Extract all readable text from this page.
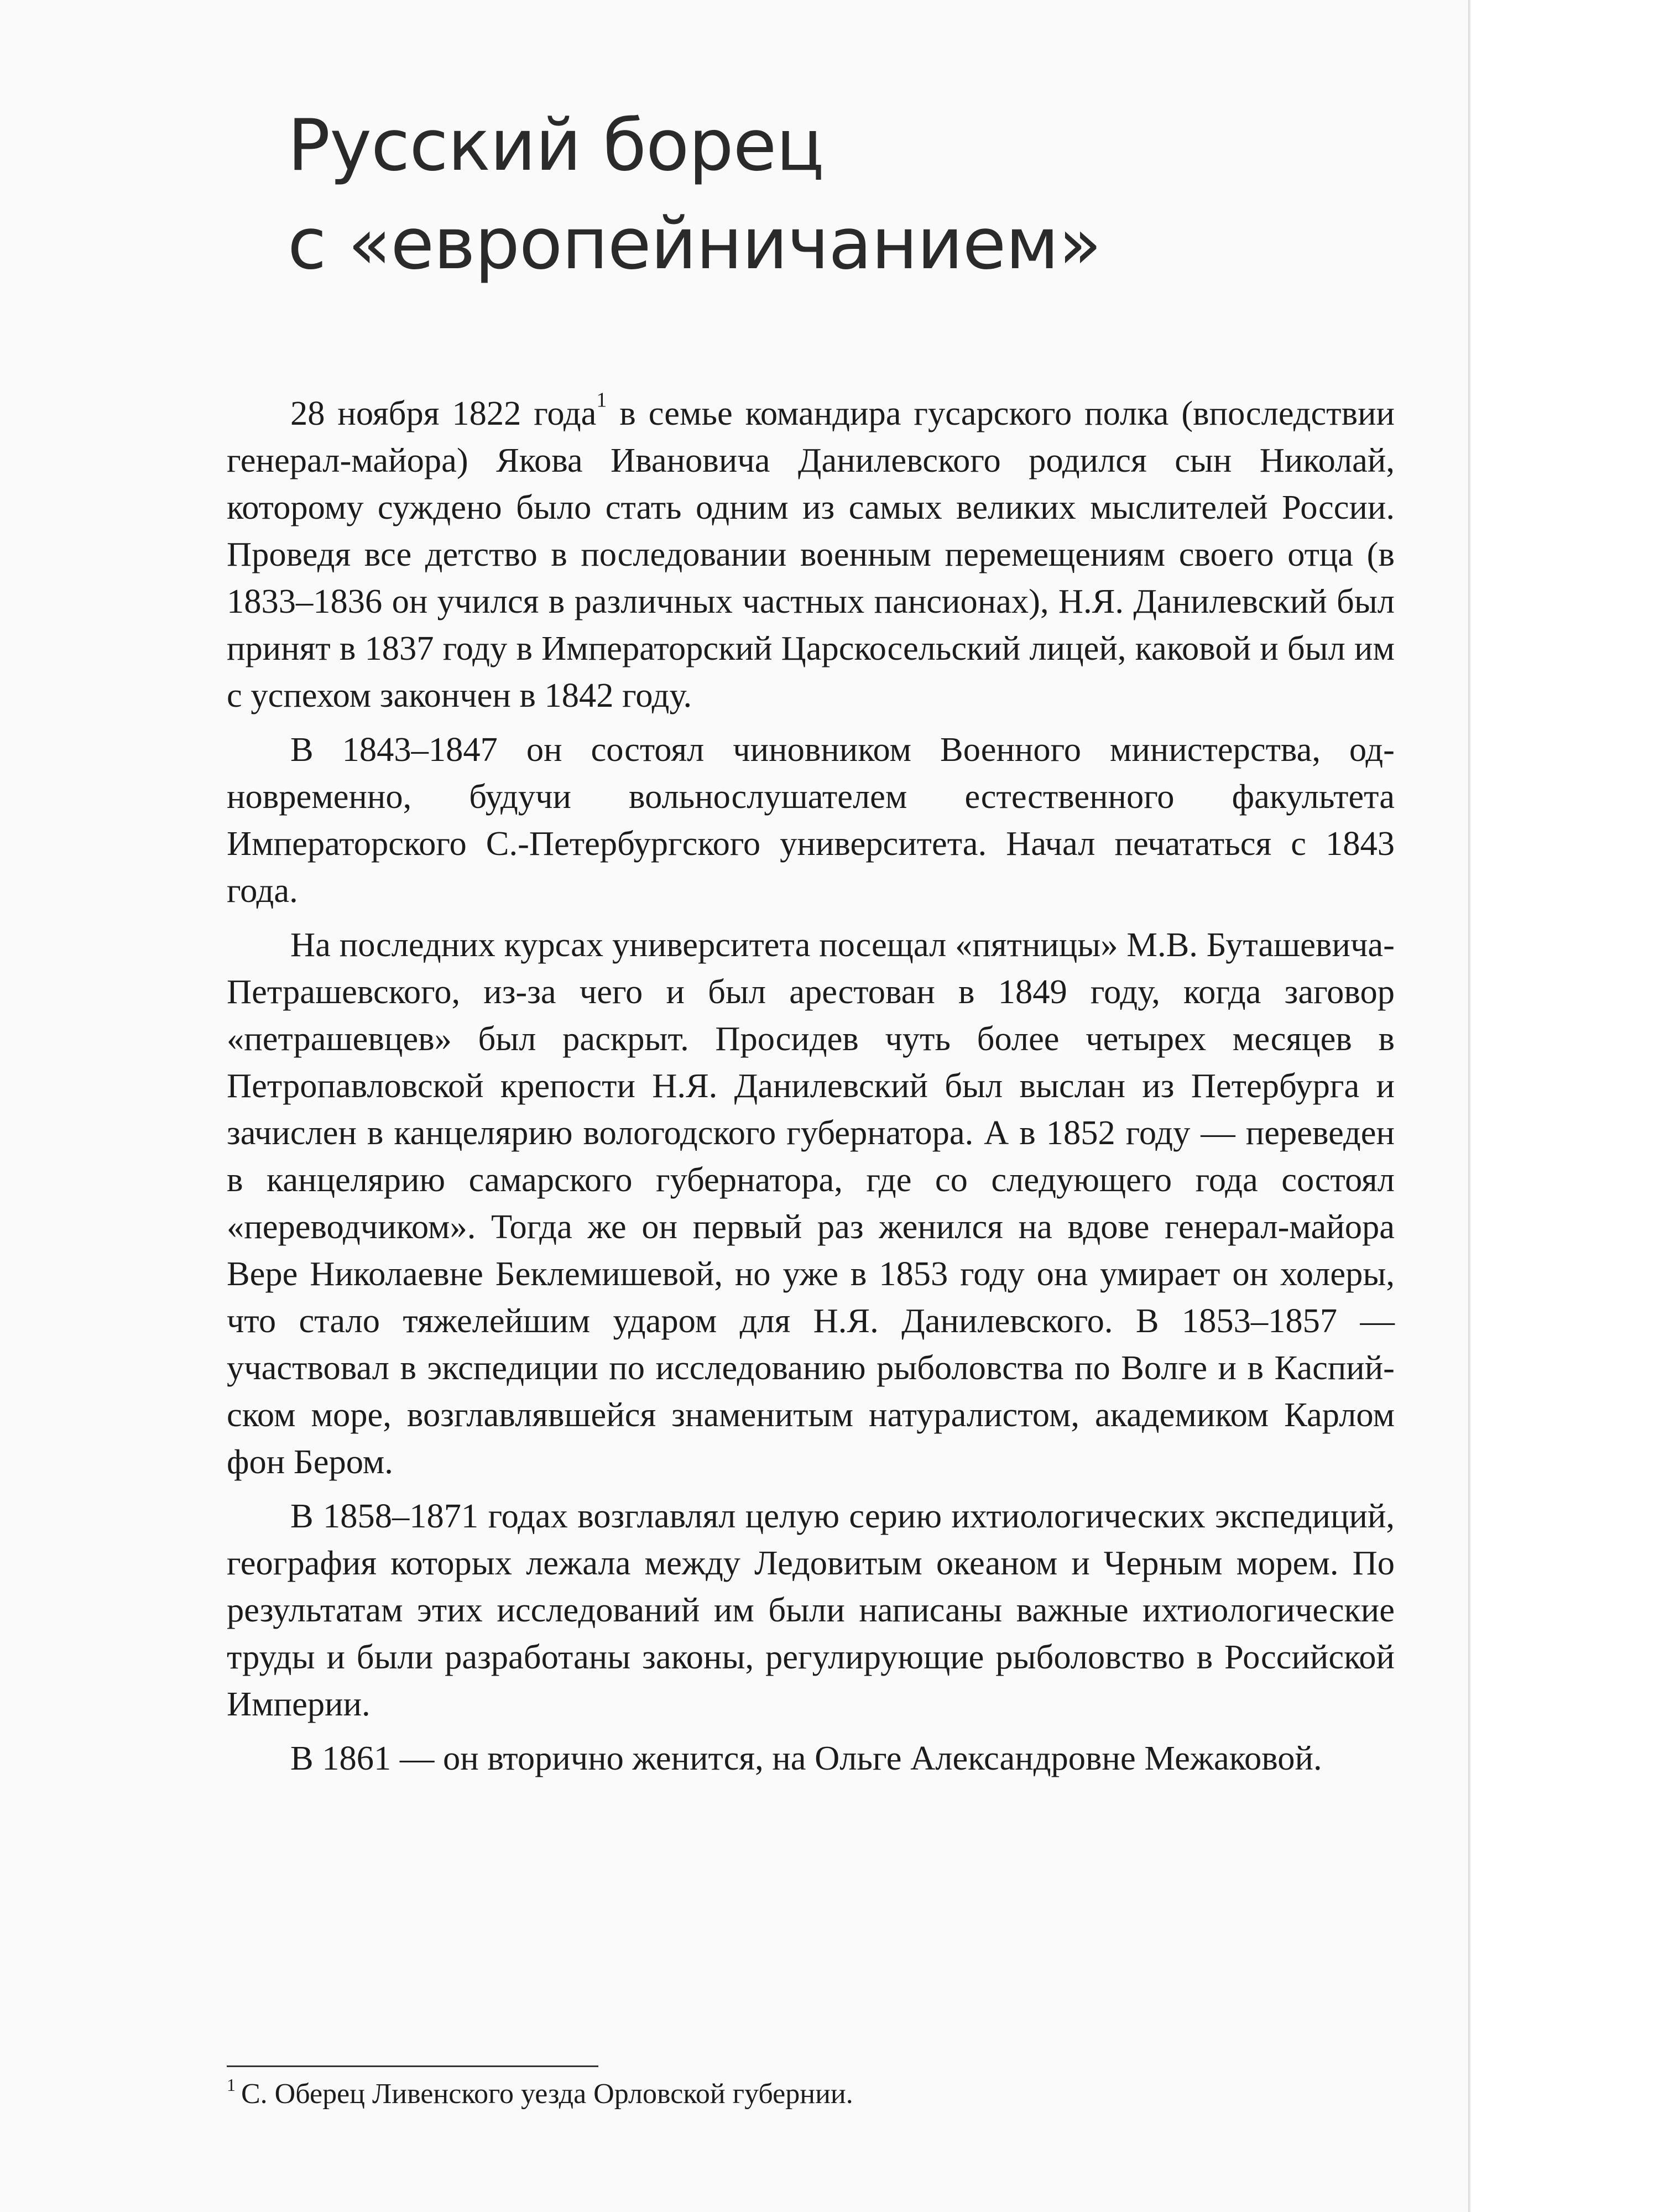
Русский борец
с «европейничанием»

28 ноября 1822 года$^1$ в семье командира гусарского полка (впоследствии генерал-майора) Якова Ивановича Данилевского родился сын Николай, которому суждено было стать одним из самых великих мыслителей России. Проведя все детство в последовании военным перемещениям своего отца (в 1833–1836 он учился в различных частных пансионах), Н.Я. Данилевский был принят в 1837 году в Императорский Царскосельский лицей, каковой и был им с успехом закончен в 1842 году.

В 1843–1847 он состоял чиновником Военного министерства, одновременно, будучи вольнослушателем естественного факультета Императорского С.-Петербургского университета. Начал печататься с 1843 года.

На последних курсах университета посещал «пятницы» М.В. Буташевича-Петрашевского, из-за чего и был арестован в 1849 году, когда заговор «петрашевцев» был раскрыт. Просидев чуть более четырех месяцев в Петропавловской крепости Н.Я. Данилевский был выслан из Петербурга и зачислен в канцелярию вологодского губернатора. А в 1852 году — переведен в канцелярию самарского губернатора, где со следующего года состоял «переводчиком». Тогда же он первый раз женился на вдове генерал-майора Вере Николаевне Беклемишевой, но уже в 1853 году она умирает он холеры, что стало тяжелейшим ударом для Н.Я. Данилевского. В 1853–1857 — участвовал в экспедиции по исследованию рыболовства по Волге и в Каспийском море, возглавлявшейся знаменитым натуралистом, академиком Карлом фон Бером.

В 1858–1871 годах возглавлял целую серию ихтиологических экспедиций, география которых лежала между Ледовитым океаном и Черным морем. По результатам этих исследований им были написаны важные ихтиологические труды и были разработаны законы, регулирующие рыболовство в Российской Империи.

В 1861 — он вторично женится, на Ольге Александровне Межаковой.

$^1$ С. Оберец Ливенского уезда Орловской губернии.
